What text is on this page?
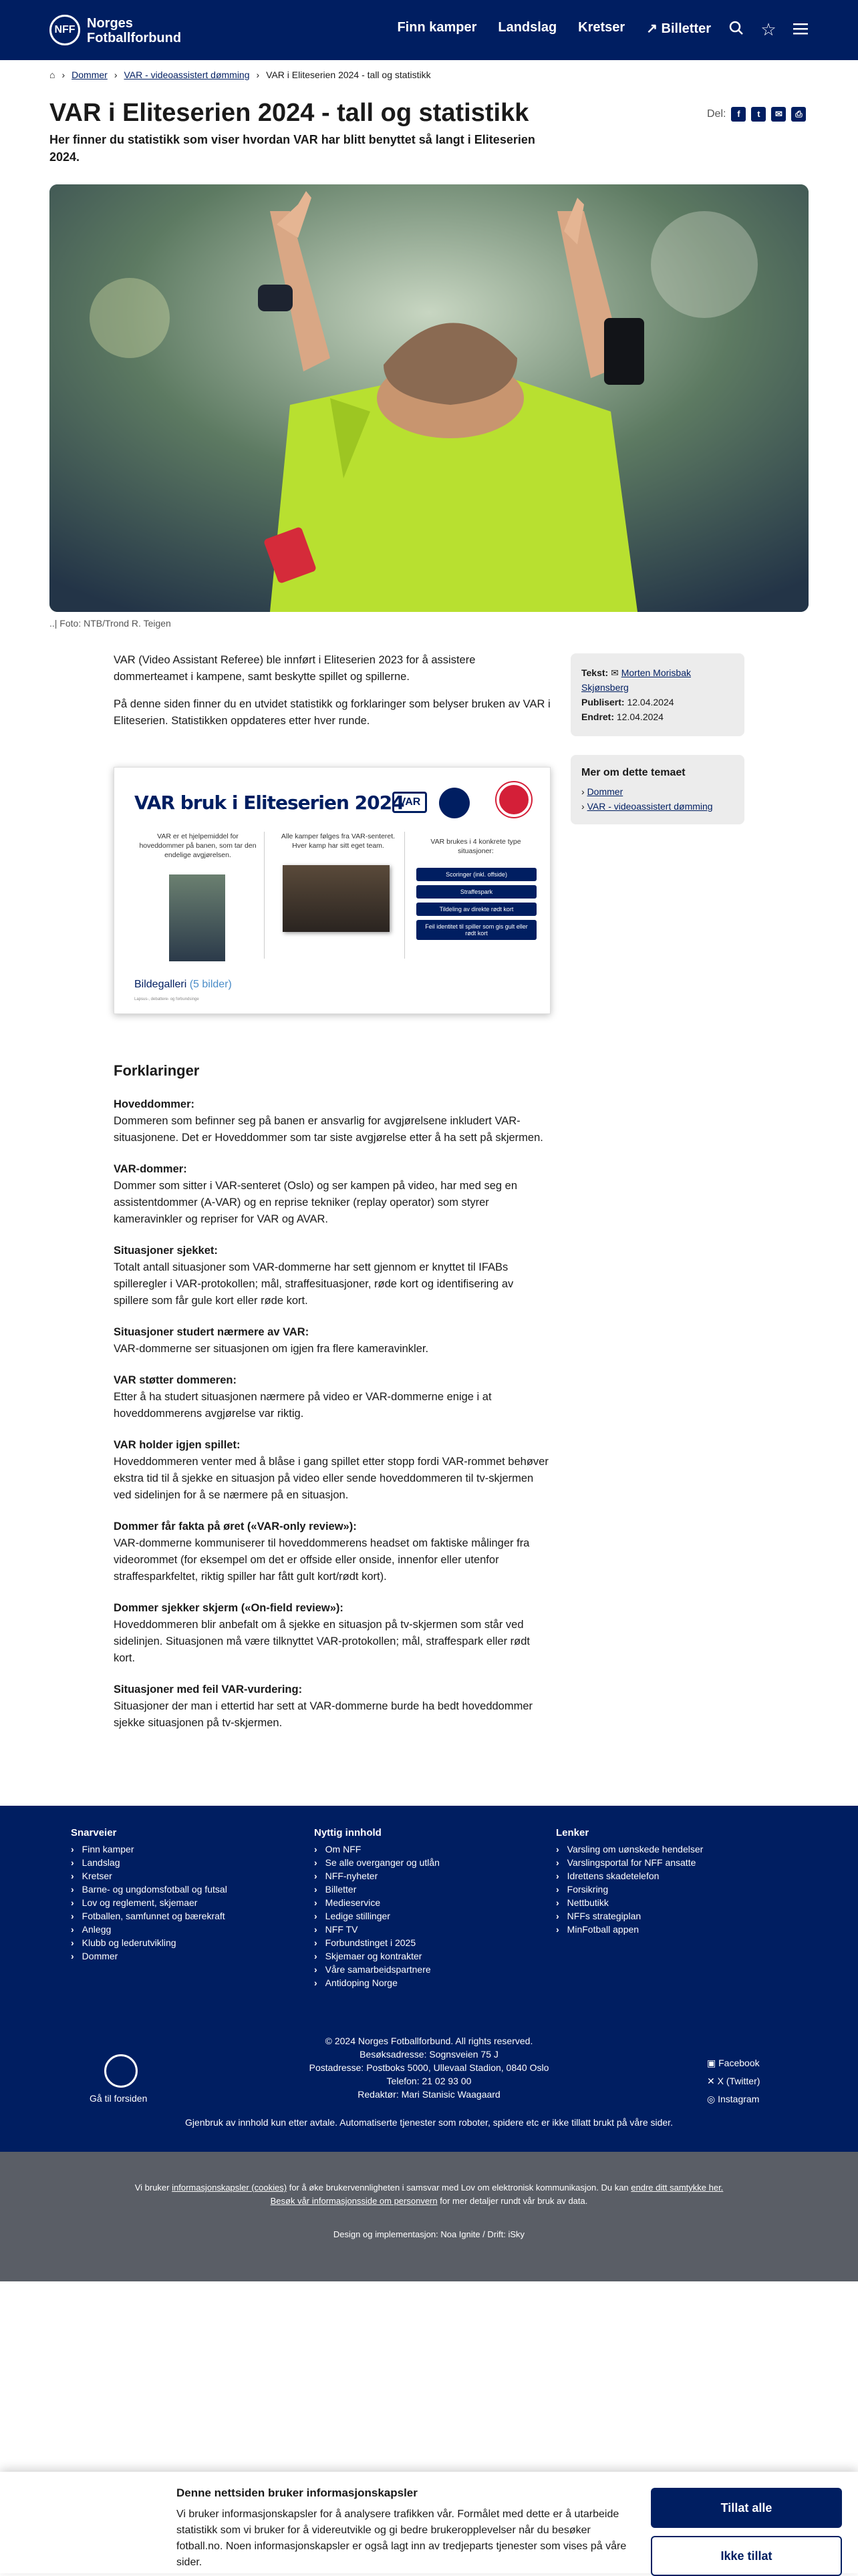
NFF Norges Fotballforbund
Finn kamper Landslag Kretser ↗ Billetter	☆
⌂ › Dommer › VAR - videoassistert dømming › VAR i Eliteserien 2024 - tall og statistikk
VAR i Eliteserien 2024 - tall og statistikk

Her finner du statistikk som viser hvordan VAR har blitt benyttet så langt i Eliteserien 2024.

Del:	f	t	✉	⎙
..| Foto: NTB/Trond R. Teigen

VAR (Video Assistant Referee) ble innført i Eliteserien 2023 for å assistere dommerteamet i kampene, samt beskytte spillet og spillerne.

På denne siden finner du en utvidet statistikk og forklaringer som belyser bruken av VAR i Eliteserien. Statistikken oppdateres etter hver runde.

Tekst: ✉ Morten Morisbak Skjønsberg
Publisert: 12.04.2024
Endret: 12.04.2024
Mer om dette temaet
› Dommer
› VAR - videoassistert dømming
VAR bruk i Eliteserien 2024
VAR
VAR er et hjelpemiddel for hoveddommer på banen, som tar den endelige avgjørelsen.
Bildegalleri (5 bilder)
Lapsus-, debattere- og forbundsinge
Alle kamper følges fra VAR-senteret. Hver kamp har sitt eget team.	VAR brukes i 4 konkrete type situasjoner:
Scoringer (inkl. offside)
Straffespark
Tildeling av direkte rødt kort
Feil identitet til spiller som gis gult eller rødt kort
Forklaringer
Hoveddommer:
Dommeren som befinner seg på banen er ansvarlig for avgjørelsene inkludert VAR-situasjonene. Det er Hoveddommer som tar siste avgjørelse etter å ha sett på skjermen.
VAR-dommer:
Dommer som sitter i VAR-senteret (Oslo) og ser kampen på video, har med seg en assistentdommer (A-VAR) og en reprise tekniker (replay operator) som styrer kameravinkler og repriser for VAR og AVAR.
Situasjoner sjekket:
Totalt antall situasjoner som VAR-dommerne har sett gjennom er knyttet til IFABs spilleregler i VAR-protokollen; mål, straffesituasjoner, røde kort og identifisering av spillere som får gule kort eller røde kort.
Situasjoner studert nærmere av VAR:
VAR-dommerne ser situasjonen om igjen fra flere kameravinkler.
VAR støtter dommeren:
Etter å ha studert situasjonen nærmere på video er VAR-dommerne enige i at hoveddommerens avgjørelse var riktig.
VAR holder igjen spillet:
Hoveddommeren venter med å blåse i gang spillet etter stopp fordi VAR-rommet behøver ekstra tid til å sjekke en situasjon på video eller sende hoveddommeren til tv-skjermen ved sidelinjen for å se nærmere på en situasjon.
Dommer får fakta på øret («VAR-only review»):
VAR-dommerne kommuniserer til hoveddommerens headset om faktiske målinger fra videorommet (for eksempel om det er offside eller onside, innenfor eller utenfor straffesparkfeltet, riktig spiller har fått gult kort/rødt kort).
Dommer sjekker skjerm («On-field review»):
Hoveddommeren blir anbefalt om å sjekke en situasjon på tv-skjermen som står ved sidelinjen. Situasjonen må være tilknyttet VAR-protokollen; mål, straffespark eller rødt kort.
Situasjoner med feil VAR-vurdering:
Situasjoner der man i ettertid har sett at VAR-dommerne burde ha bedt hoveddommer sjekke situasjonen på tv-skjermen.
Snarveier
› Finn kamper
› Landslag
› Kretser
› Barne- og ungdomsfotball og futsal
› Lov og reglement, skjemaer
› Fotballen, samfunnet og bærekraft
› Anlegg
› Klubb og lederutvikling
› Dommer
Nyttig innhold
› Om NFF
› Se alle overganger og utlån
› NFF-nyheter
› Billetter
› Medieservice
› Ledige stillinger
› NFF TV
› Forbundstinget i 2025
› Skjemaer og kontrakter
› Våre samarbeidspartnere
› Antidoping Norge
Lenker
› Varsling om uønskede hendelser
› Varslingsportal for NFF ansatte
› Idrettens skadetelefon
› Forsikring
› Nettbutikk
› NFFs strategiplan
› MinFotball appen
© 2024 Norges Fotballforbund. All rights reserved.
Besøksadresse: Sognsveien 75 J
Postadresse: Postboks 5000, Ullevaal Stadion, 0840 Oslo
Telefon: 21 02 93 00
Redaktør: Mari Stanisic Waagaard
Gå til forsiden
▣ Facebook
✕ X (Twitter)
◎ Instagram
Gjenbruk av innhold kun etter avtale. Automatiserte tjenester som roboter, spidere etc er ikke tillatt brukt på våre sider.
Vi bruker informasjonskapsler (cookies) for å øke brukervennligheten i samsvar med Lov om elektronisk kommunikasjon. Du kan endre ditt samtykke her.
Besøk vår informasjonsside om personvern for mer detaljer rundt vår bruk av data.
Design og implementasjon: Noa Ignite / Drift: iSky
Denne nettsiden bruker informasjonskapsler
Vi bruker informasjonskapsler for å analysere trafikken vår. Formålet med dette er å utarbeide statistikk som vi bruker for å videreutvikle og gi bedre brukeropplevelser når du besøker fotball.no. Noen informasjonskapsler er også lagt inn av tredjeparts tjenester som vises på våre sider.
Tillat alle
Ikke tillat
